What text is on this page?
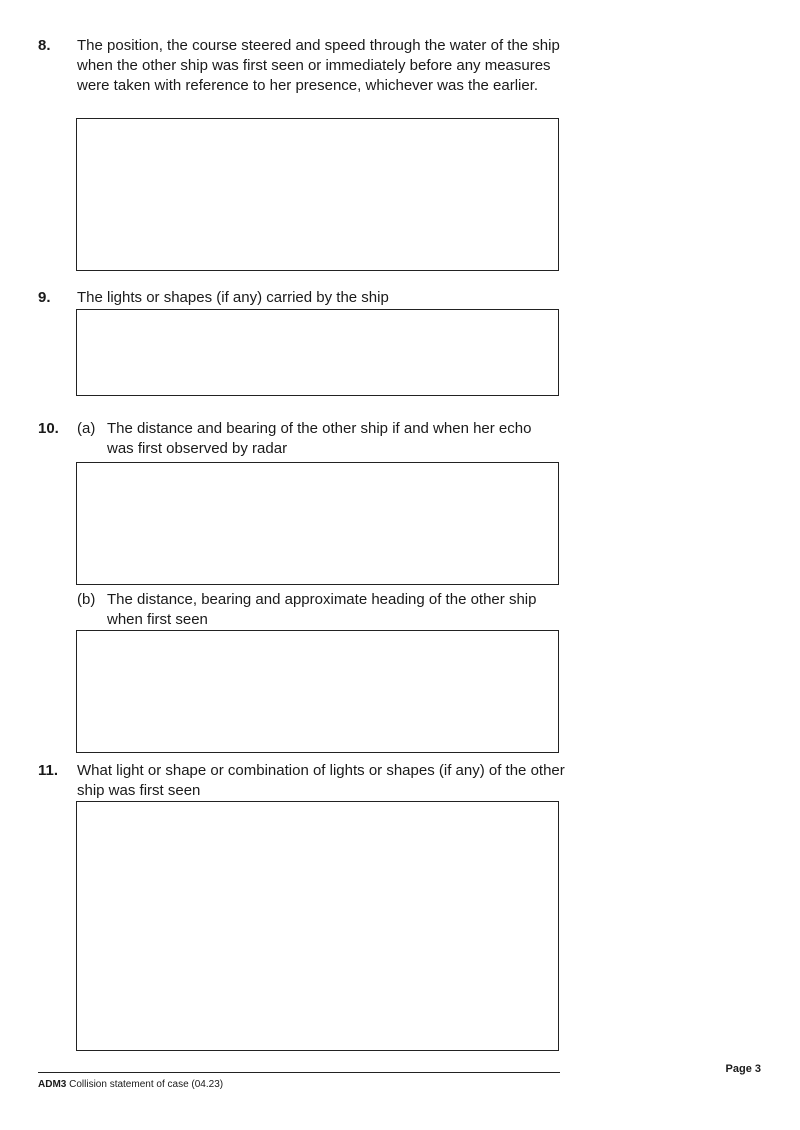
8. The position, the course steered and speed through the water of the ship when the other ship was first seen or immediately before any measures were taken with reference to her presence, whichever was the earlier.
9. The lights or shapes (if any) carried by the ship
10. (a) The distance and bearing of the other ship if and when her echo was first observed by radar
(b) The distance, bearing and approximate heading of the other ship when first seen
11. What light or shape or combination of lights or shapes (if any) of the other ship was first seen
ADM3 Collision statement of case (04.23)
Page 3
